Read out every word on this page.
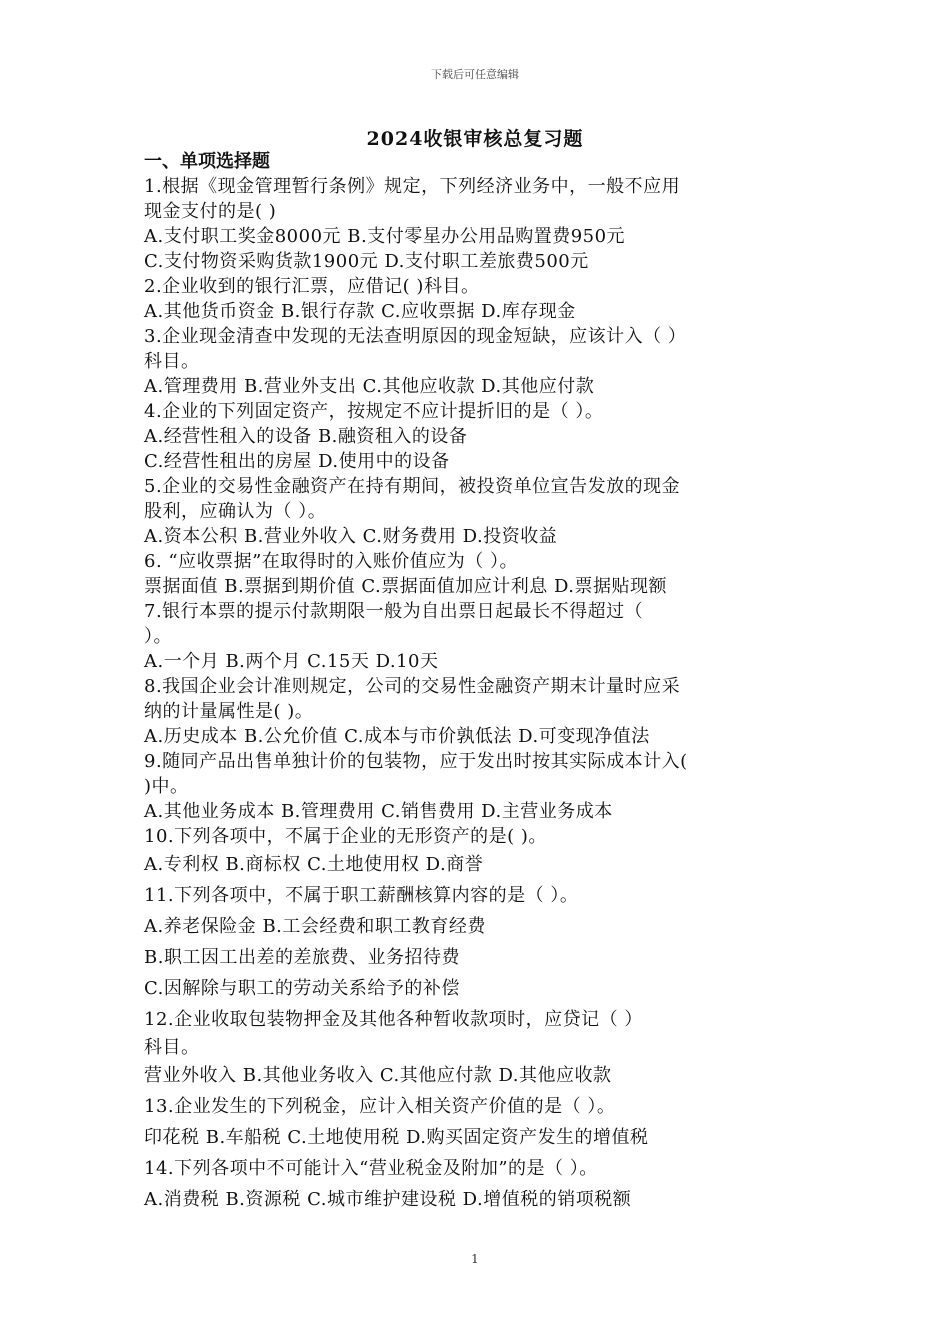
下载后可任意编辑
2024收银审核总复习题

一、单项选择题

1.根据《现金管理暂行条例》规定，下列经济业务中，一般不应用

现金支付的是( )

A.支付职工奖金8000元 B.支付零星办公用品购置费950元

C.支付物资采购货款1900元 D.支付职工差旅费500元

2.企业收到的银行汇票，应借记( )科目。

A.其他货币资金 B.银行存款 C.应收票据 D.库存现金

3.企业现金清查中发现的无法查明原因的现金短缺，应该计入（ ）

科目。

A.管理费用 B.营业外支出 C.其他应收款 D.其他应付款

4.企业的下列固定资产，按规定不应计提折旧的是（ ）。

A.经营性租入的设备 B.融资租入的设备

C.经营性租出的房屋 D.使用中的设备

5.企业的交易性金融资产在持有期间，被投资单位宣告发放的现金

股利，应确认为（ ）。

A.资本公积 B.营业外收入 C.财务费用 D.投资收益

6. “应收票据”在取得时的入账价值应为（ ）。

票据面值 B.票据到期价值 C.票据面值加应计利息 D.票据贴现额

7.银行本票的提示付款期限一般为自出票日起最长不得超过（

）。

A.一个月 B.两个月 C.15天 D.10天

8.我国企业会计准则规定，公司的交易性金融资产期末计量时应采

纳的计量属性是( )。

A.历史成本 B.公允价值 C.成本与市价孰低法 D.可变现净值法

9.随同产品出售单独计价的包装物，应于发出时按其实际成本计入(

)中。

A.其他业务成本 B.管理费用 C.销售费用 D.主营业务成本

10.下列各项中，不属于企业的无形资产的是( )。

A.专利权 B.商标权 C.土地使用权 D.商誉

11.下列各项中，不属于职工薪酬核算内容的是（ ）。

A.养老保险金 B.工会经费和职工教育经费

B.职工因工出差的差旅费、业务招待费

C.因解除与职工的劳动关系给予的补偿

12.企业收取包装物押金及其他各种暂收款项时，应贷记（ ）

科目。

营业外收入 B.其他业务收入 C.其他应付款 D.其他应收款

13.企业发生的下列税金，应计入相关资产价值的是（ ）。

印花税 B.车船税 C.土地使用税 D.购买固定资产发生的增值税

14.下列各项中不可能计入“营业税金及附加”的是（ ）。

A.消费税 B.资源税 C.城市维护建设税 D.增值税的销项税额

1
